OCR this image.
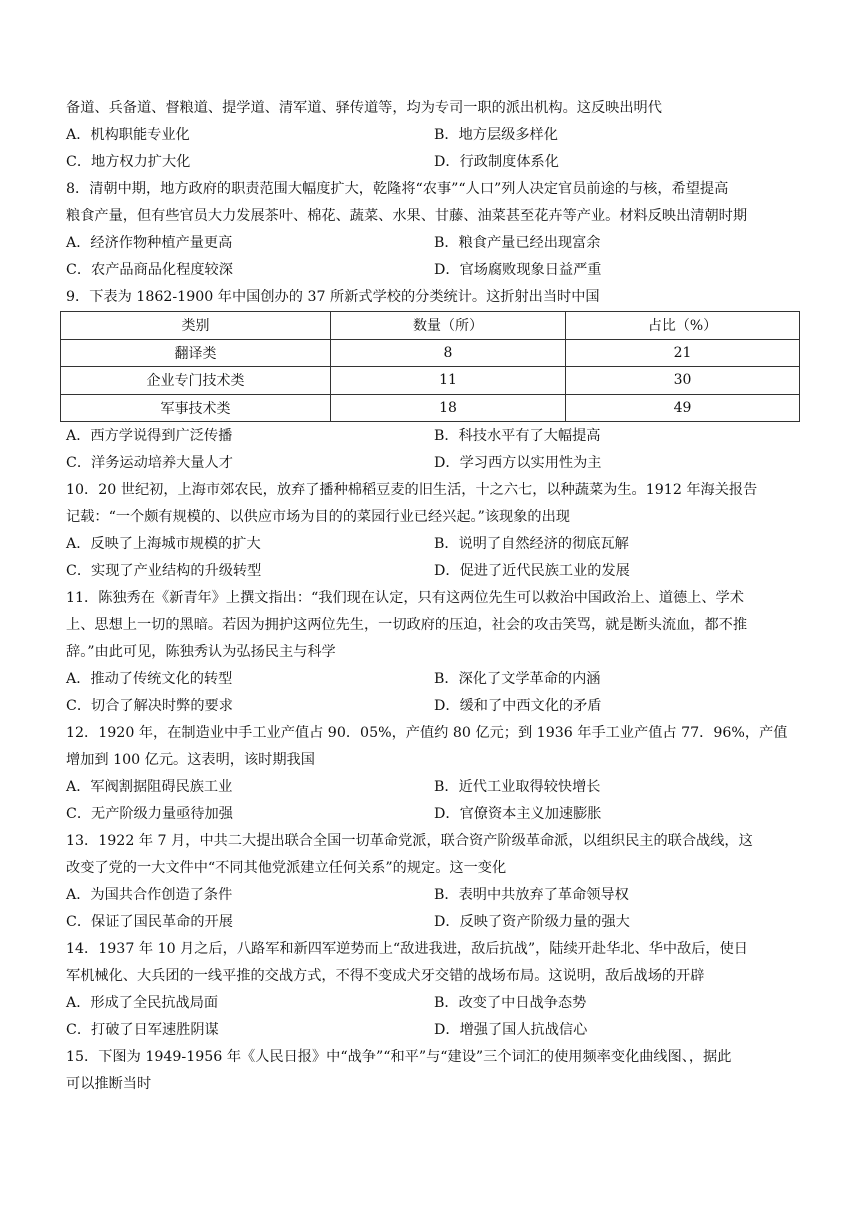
备道、兵备道、督粮道、提学道、清军道、驿传道等，均为专司一职的派出机构。这反映出明代
A．机构职能专业化	B．地方层级多样化
C．地方权力扩大化	D．行政制度体系化
8．清朝中期，地方政府的职责范围大幅度扩大，乾隆将“农事”“人口”列人决定官员前途的与核，希望提高
粮食产量，但有些官员大力发展茶叶、棉花、蔬菜、水果、甘藤、油菜甚至花卉等产业。材料反映出清朝时期
A．经济作物种植产量更高	B．粮食产量已经出现富余
C．农产品商品化程度较深	D．官场腐败现象日益严重
9．下表为 1862-1900 年中国创办的 37 所新式学校的分类统计。这折射出当时中国
类别	数量（所）	占比（%）
翻译类	8	21
企业专门技术类	11	30
军事技术类	18	49
A．西方学说得到广泛传播	B．科技水平有了大幅提高
C．洋务运动培养大量人才	D．学习西方以实用性为主
10．20 世纪初，上海市郊农民，放弃了播种棉稻豆麦的旧生活，十之六七，以种蔬菜为生。1912 年海关报告
记载：“一个颇有规模的、以供应市场为目的的菜园行业已经兴起。”该现象的出现
A．反映了上海城市规模的扩大	B．说明了自然经济的彻底瓦解
C．实现了产业结构的升级转型	D．促进了近代民族工业的发展
11．陈独秀在《新青年》上撰文指出：“我们现在认定，只有这两位先生可以救治中国政治上、道德上、学术
上、思想上一切的黑暗。若因为拥护这两位先生，一切政府的压迫，社会的攻击笑骂，就是断头流血，都不推
辞。”由此可见，陈独秀认为弘扬民主与科学
A．推动了传统文化的转型	B．深化了文学革命的内涵
C．切合了解决时弊的要求	D．缓和了中西文化的矛盾
12．1920 年，在制造业中手工业产值占 90．05%，产值约 80 亿元；到 1936 年手工业产值占 77．96%，产值
增加到 100 亿元。这表明，该时期我国
A．军阀割据阻碍民族工业	B．近代工业取得较快增长
C．无产阶级力量亟待加强	D．官僚资本主义加速膨胀
13．1922 年 7 月，中共二大提出联合全国一切革命党派，联合资产阶级革命派，以组织民主的联合战线，这
改变了党的一大文件中“不同其他党派建立任何关系”的规定。这一变化
A．为国共合作创造了条件	B．表明中共放弃了革命领导权
C．保证了国民革命的开展	D．反映了资产阶级力量的强大
14．1937 年 10 月之后，八路军和新四军逆势而上“敌进我进，敌后抗战”，陆续开赴华北、华中敌后，使日
军机械化、大兵团的一线平推的交战方式，不得不变成犬牙交错的战场布局。这说明，敌后战场的开辟
A．形成了全民抗战局面	B．改变了中日战争态势
C．打破了日军速胜阴谋	D．增强了国人抗战信心
15．下图为 1949-1956 年《人民日报》中“战争”“和平”与“建设”三个词汇的使用频率变化曲线图、，据此
可以推断当时
